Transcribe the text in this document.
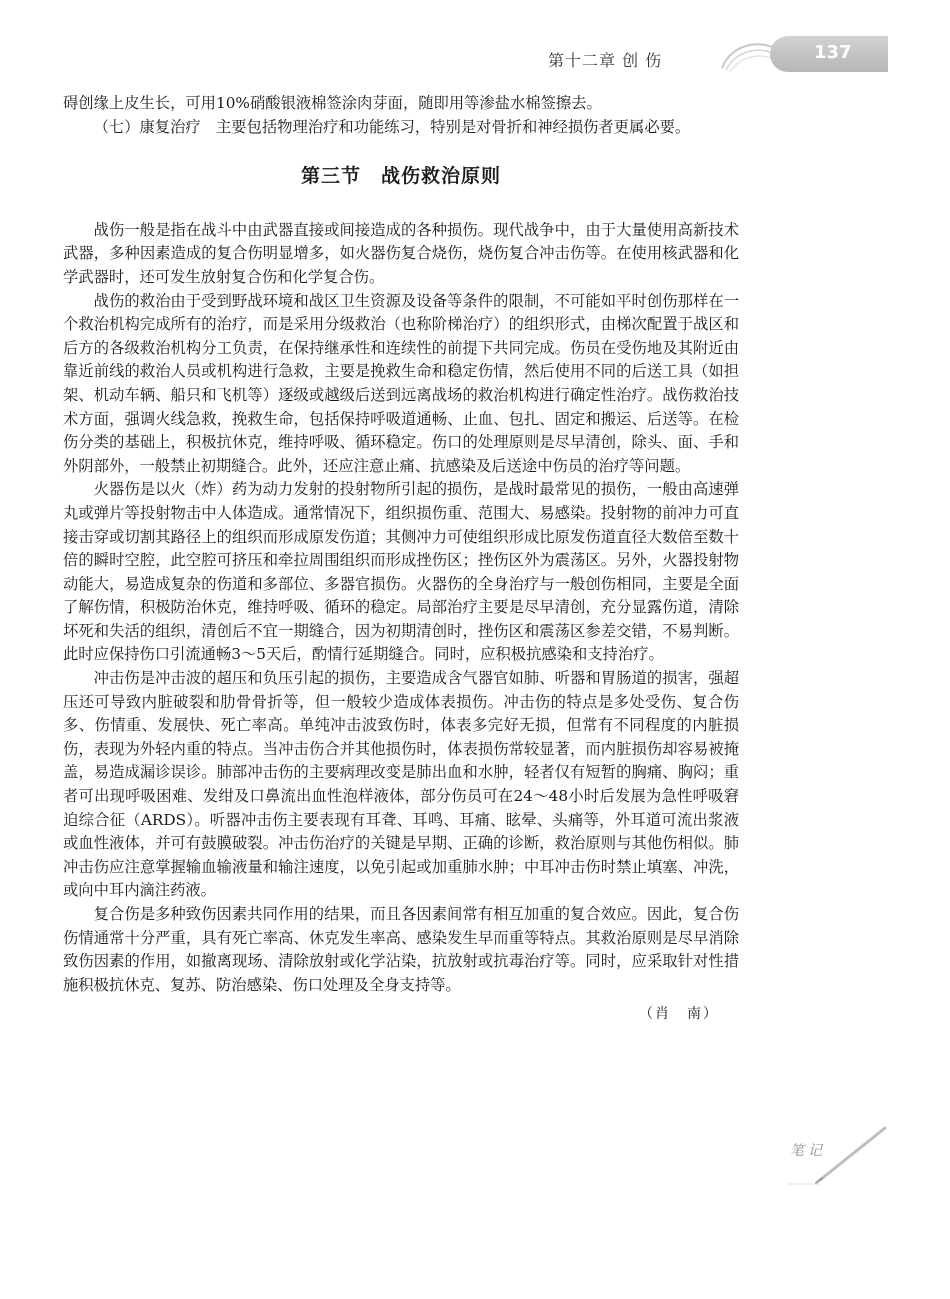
第十二章 创 伤	137

碍创缘上皮生长，可用10%硝酸银液棉签涂肉芽面，随即用等渗盐水棉签擦去。

（七）康复治疗　 主要包括物理治疗和功能练习，特别是对骨折和神经损伤者更属必要。

第三节　战伤救治原则

战伤一般是指在战斗中由武器直接或间接造成的各种损伤。现代战争中，由于大量使用高新技术武器，多种因素造成的复合伤明显增多，如火器伤复合烧伤，烧伤复合冲击伤等。在使用核武器和化学武器时，还可发生放射复合伤和化学复合伤。

战伤的救治由于受到野战环境和战区卫生资源及设备等条件的限制，不可能如平时创伤那样在一个救治机构完成所有的治疗，而是采用分级救治（也称阶梯治疗）的组织形式，由梯次配置于战区和后方的各级救治机构分工负责，在保持继承性和连续性的前提下共同完成。伤员在受伤地及其附近由靠近前线的救治人员或机构进行急救，主要是挽救生命和稳定伤情，然后使用不同的后送工具（如担架、机动车辆、船只和飞机等）逐级或越级后送到远离战场的救治机构进行确定性治疗。战伤救治技术方面，强调火线急救，挽救生命，包括保持呼吸道通畅、止血、包扎、固定和搬运、后送等。在检伤分类的基础上，积极抗休克，维持呼吸、循环稳定。伤口的处理原则是尽早清创，除头、面、手和外阴部外，一般禁止初期缝合。此外，还应注意止痛、抗感染及后送途中伤员的治疗等问题。

火器伤是以火（炸）药为动力发射的投射物所引起的损伤，是战时最常见的损伤，一般由高速弹丸或弹片等投射物击中人体造成。通常情况下，组织损伤重、范围大、易感染。投射物的前冲力可直接击穿或切割其路径上的组织而形成原发伤道；其侧冲力可使组织形成比原发伤道直径大数倍至数十倍的瞬时空腔，此空腔可挤压和牵拉周围组织而形成挫伤区；挫伤区外为震荡区。另外，火器投射物动能大，易造成复杂的伤道和多部位、多器官损伤。火器伤的全身治疗与一般创伤相同，主要是全面了解伤情，积极防治休克，维持呼吸、循环的稳定。局部治疗主要是尽早清创，充分显露伤道，清除坏死和失活的组织，清创后不宜一期缝合，因为初期清创时，挫伤区和震荡区参差交错，不易判断。此时应保持伤口引流通畅3～5天后，酌情行延期缝合。同时，应积极抗感染和支持治疗。

冲击伤是冲击波的超压和负压引起的损伤，主要造成含气器官如肺、听器和胃肠道的损害，强超压还可导致内脏破裂和肋骨骨折等，但一般较少造成体表损伤。冲击伤的特点是多处受伤、复合伤多、伤情重、发展快、死亡率高。单纯冲击波致伤时，体表多完好无损，但常有不同程度的内脏损伤，表现为外轻内重的特点。当冲击伤合并其他损伤时，体表损伤常较显著，而内脏损伤却容易被掩盖，易造成漏诊误诊。肺部冲击伤的主要病理改变是肺出血和水肿，轻者仅有短暂的胸痛、胸闷；重者可出现呼吸困难、发绀及口鼻流出血性泡样液体，部分伤员可在24～48小时后发展为急性呼吸窘迫综合征（ARDS）。听器冲击伤主要表现有耳聋、耳鸣、耳痛、眩晕、头痛等，外耳道可流出浆液或血性液体，并可有鼓膜破裂。冲击伤治疗的关键是早期、正确的诊断，救治原则与其他伤相似。肺冲击伤应注意掌握输血输液量和输注速度，以免引起或加重肺水肿；中耳冲击伤时禁止填塞、冲洗，或向中耳内滴注药液。

复合伤是多种致伤因素共同作用的结果，而且各因素间常有相互加重的复合效应。因此，复合伤伤情通常十分严重，具有死亡率高、休克发生率高、感染发生早而重等特点。其救治原则是尽早消除致伤因素的作用，如撤离现场、清除放射或化学沾染，抗放射或抗毒治疗等。同时，应采取针对性措施积极抗休克、复苏、防治感染、伤口处理及全身支持等。

（肖　南）
笔记
